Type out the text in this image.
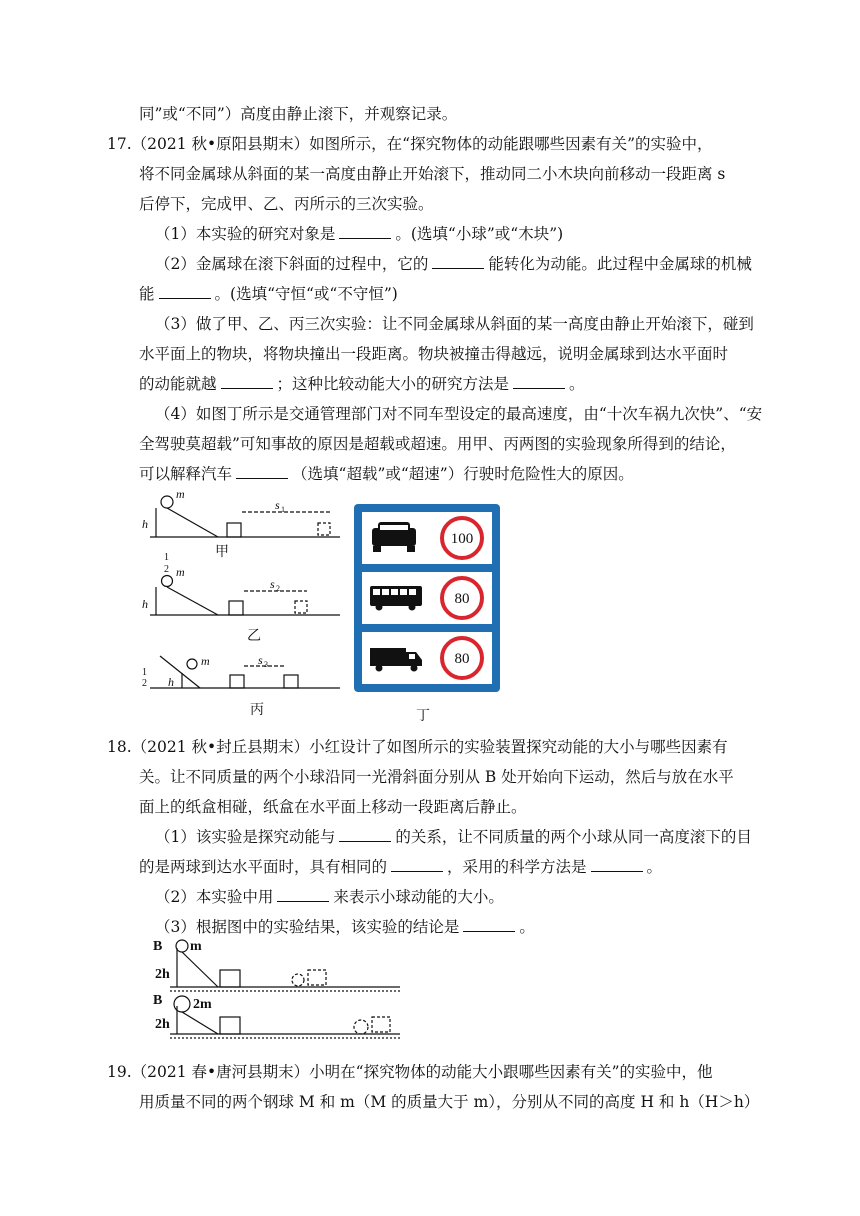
同”或“不同”）高度由静止滚下，并观察记录。
17.（2021 秋•原阳县期末）如图所示，在“探究物体的动能跟哪些因素有关”的实验中，
将不同金属球从斜面的某一高度由静止开始滚下，推动同二小木块向前移动一段距离 s
后停下，完成甲、乙、丙所示的三次实验。
（1）本实验的研究对象是	。(选填“小球”或“木块”)
（2）金属球在滚下斜面的过程中，它的	能转化为动能。此过程中金属球的机械
能	。(选填“守恒“或“不守恒”)
（3）做了甲、乙、丙三次实验：让不同金属球从斜面的某一高度由静止开始滚下，碰到
水平面上的物块，将物块撞出一段距离。物块被撞击得越远，说明金属球到达水平面时
的动能就越	；这种比较动能大小的研究方法是	。
（4）如图丁所示是交通管理部门对不同车型设定的最高速度，由“十次车祸九次快”、“安
全驾驶莫超载”可知事故的原因是超载或超速。用甲、丙两图的实验现象所得到的结论，
可以解释汽车	（选填“超载”或“超速”）行驶时危险性大的原因。
m
h
s 1
甲
1
2 m
h
s 2
乙
1
2 h
m	s 3
丙
100
80
80
丁
18.（2021 秋•封丘县期末）小红设计了如图所示的实验装置探究动能的大小与哪些因素有
关。让不同质量的两个小球沿同一光滑斜面分别从 B 处开始向下运动，然后与放在水平
面上的纸盒相碰，纸盒在水平面上移动一段距离后静止。
（1）该实验是探究动能与	的关系，让不同质量的两个小球从同一高度滚下的目
的是两球到达水平面时，具有相同的	，采用的科学方法是	。
（2）本实验中用	来表示小球动能的大小。
（3）根据图中的实验结果，该实验的结论是	。
B m
2h
B 2m
2h
19.（2021 春•唐河县期末）小明在“探究物体的动能大小跟哪些因素有关”的实验中，他
用质量不同的两个钢球 M 和 m（M 的质量大于 m），分别从不同的高度 H 和 h（H＞h）
